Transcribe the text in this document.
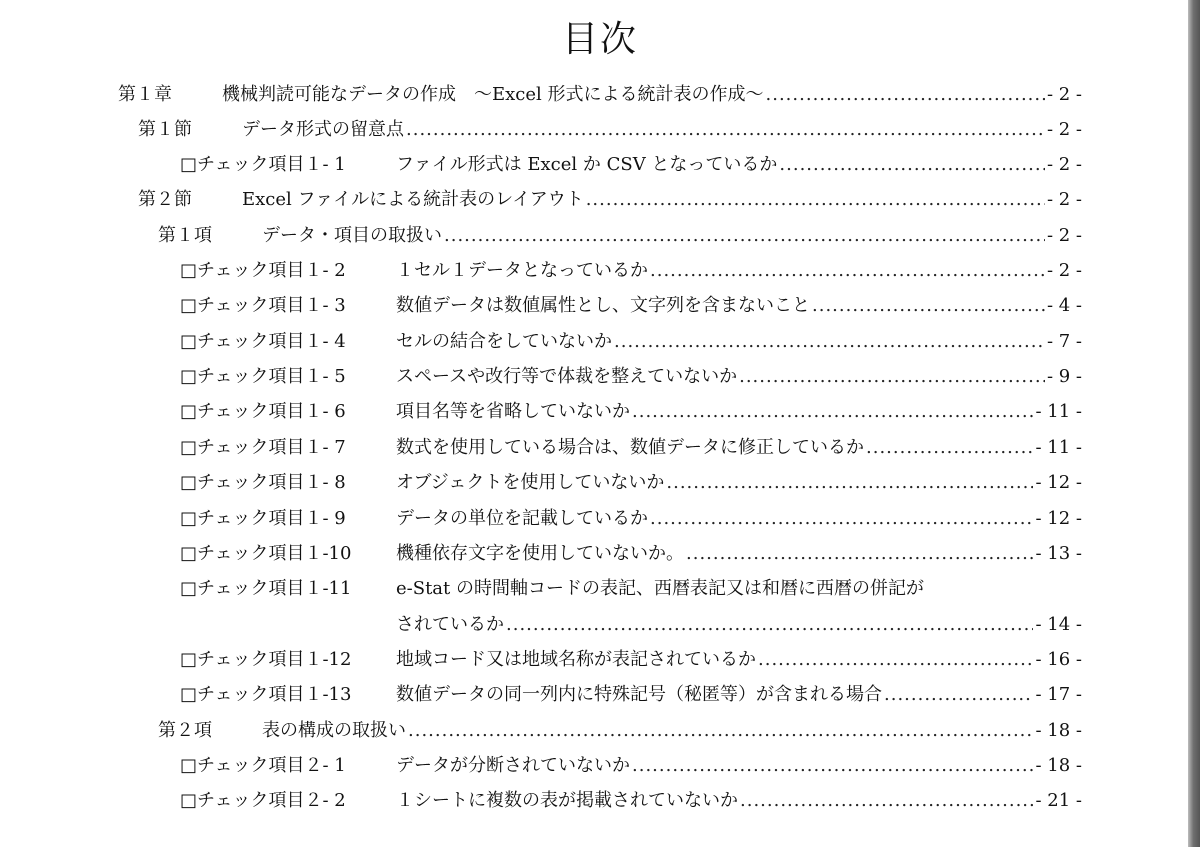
目次
第１章	機械判読可能なデータの作成　～Excel 形式による統計表の作成～ .....	- 2 -
第１節	データ形式の留意点 .....	- 2 -
□チェック項目１- 1	ファイル形式は Excel か CSV となっているか .....	- 2 -
第２節	Excel ファイルによる統計表のレイアウト .....	- 2 -
第１項	データ・項目の取扱い .....	- 2 -
□チェック項目１- 2	１セル１データとなっているか .....	- 2 -
□チェック項目１- 3	数値データは数値属性とし、文字列を含まないこと .....	- 4 -
□チェック項目１- 4	セルの結合をしていないか .....	- 7 -
□チェック項目１- 5	スペースや改行等で体裁を整えていないか .....	- 9 -
□チェック項目１- 6	項目名等を省略していないか .....	- 11 -
□チェック項目１- 7	数式を使用している場合は、数値データに修正しているか .....	- 11 -
□チェック項目１- 8	オブジェクトを使用していないか .....	- 12 -
□チェック項目１- 9	データの単位を記載しているか .....	- 12 -
□チェック項目１-10	機種依存文字を使用していないか。 .....	- 13 -
□チェック項目１-11 e-Stat の時間軸コードの表記、西暦表記又は和暦に西暦の併記が
されているか .....	- 14 -
□チェック項目１-12	地域コード又は地域名称が表記されているか .....	- 16 -
□チェック項目１-13	数値データの同一列内に特殊記号（秘匿等）が含まれる場合 .....	- 17 -
第２項	表の構成の取扱い .....	- 18 -
□チェック項目２- 1	データが分断されていないか .....	- 18 -
□チェック項目２- 2	１シートに複数の表が掲載されていないか .....	- 21 -
